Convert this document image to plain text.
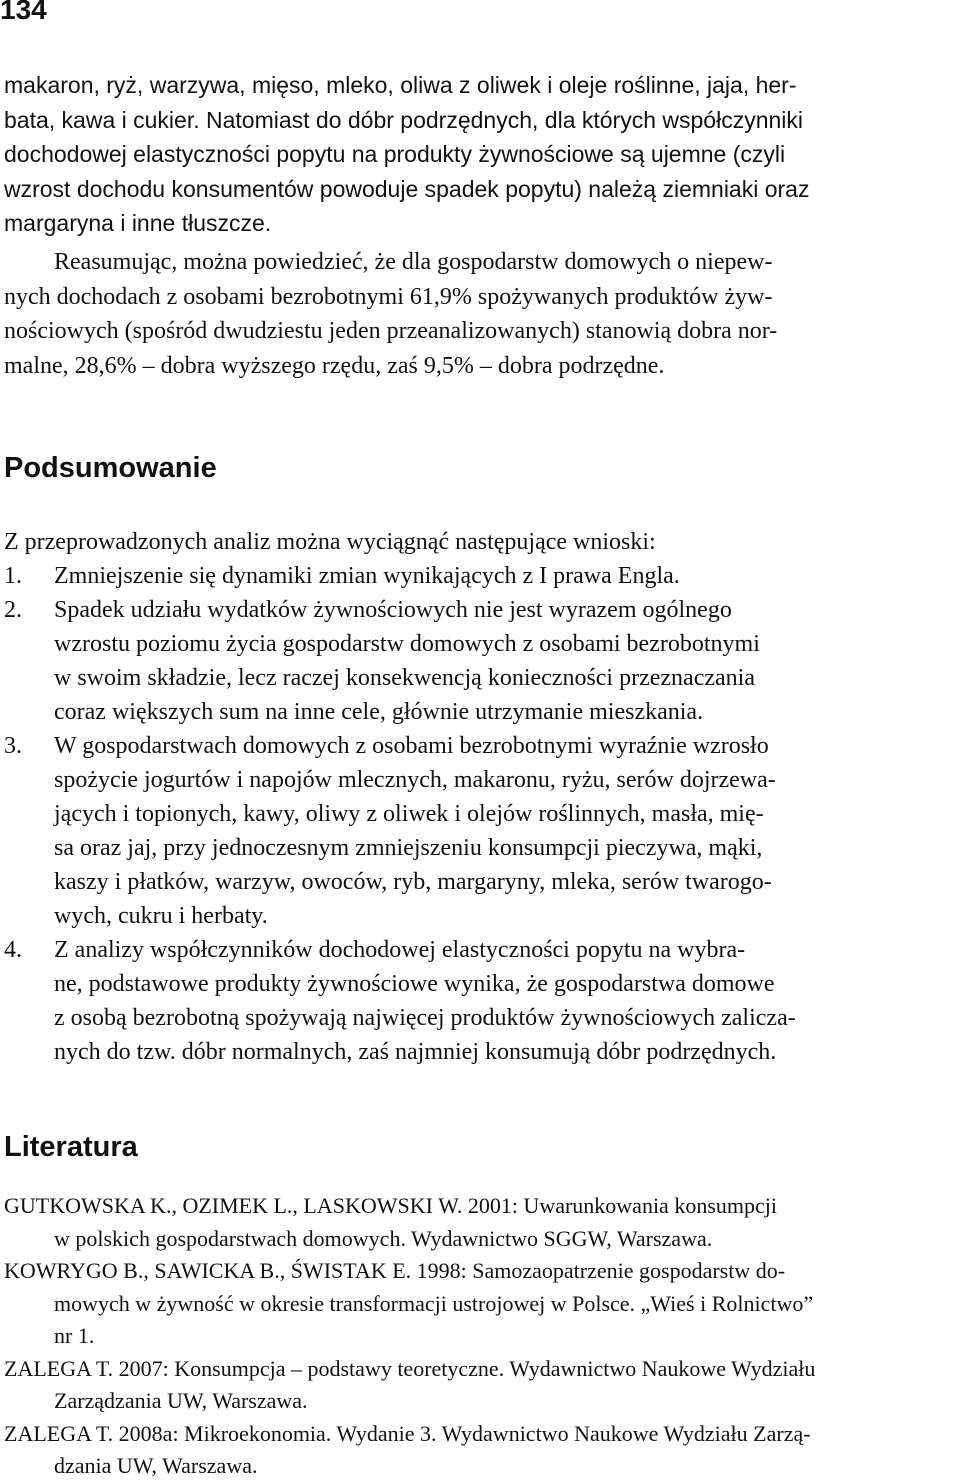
134
makaron, ryż, warzywa, mięso, mleko, oliwa z oliwek i oleje roślinne, jaja, her-
bata, kawa i cukier. Natomiast do dóbr podrzędnych, dla których współczynniki
dochodowej elastyczności popytu na produkty żywnościowe są ujemne (czyli
wzrost dochodu konsumentów powoduje spadek popytu) należą ziemniaki oraz
margaryna i inne tłuszcze.
Reasumując, można powiedzieć, że dla gospodarstw domowych o niepew-
nych dochodach z osobami bezrobotnymi 61,9% spożywanych produktów żyw-
nościowych (spośród dwudziestu jeden przeanalizowanych) stanowią dobra nor-
malne, 28,6% – dobra wyższego rzędu, zaś 9,5% – dobra podrzędne.
Podsumowanie
Z przeprowadzonych analiz można wyciągnąć następujące wnioski:
1. Zmniejszenie się dynamiki zmian wynikających z I prawa Engla.
2. Spadek udziału wydatków żywnościowych nie jest wyrazem ogólnego
wzrostu poziomu życia gospodarstw domowych z osobami bezrobotnymi
w swoim składzie, lecz raczej konsekwencją konieczności przeznaczania
coraz większych sum na inne cele, głównie utrzymanie mieszkania.
3. W gospodarstwach domowych z osobami bezrobotnymi wyraźnie wzrosło
spożycie jogurtów i napojów mlecznych, makaronu, ryżu, serów dojrzewa-
jących i topionych, kawy, oliwy z oliwek i olejów roślinnych, masła, mię-
sa oraz jaj, przy jednoczesnym zmniejszeniu konsumpcji pieczywa, mąki,
kaszy i płatków, warzyw, owoców, ryb, margaryny, mleka, serów twarogo-
wych, cukru i herbaty.
4. Z analizy współczynników dochodowej elastyczności popytu na wybra-
ne, podstawowe produkty żywnościowe wynika, że gospodarstwa domowe
z osobą bezrobotną spożywają najwięcej produktów żywnościowych zalicza-
nych do tzw. dóbr normalnych, zaś najmniej konsumują dóbr podrzędnych.
Literatura
GUTKOWSKA K., OZIMEK L., LASKOWSKI W. 2001: Uwarunkowania konsumpcji
w polskich gospodarstwach domowych. Wydawnictwo SGGW, Warszawa.
KOWRYGO B., SAWICKA B., ŚWISTAK E. 1998: Samozaopatrzenie gospodarstw do-
mowych w żywność w okresie transformacji ustrojowej w Polsce. „Wieś i Rolnictwo”
nr 1.
ZALEGA T. 2007: Konsumpcja – podstawy teoretyczne. Wydawnictwo Naukowe Wydziału
Zarządzania UW, Warszawa.
ZALEGA T. 2008a: Mikroekonomia. Wydanie 3. Wydawnictwo Naukowe Wydziału Zarzą-
dzania UW, Warszawa.
